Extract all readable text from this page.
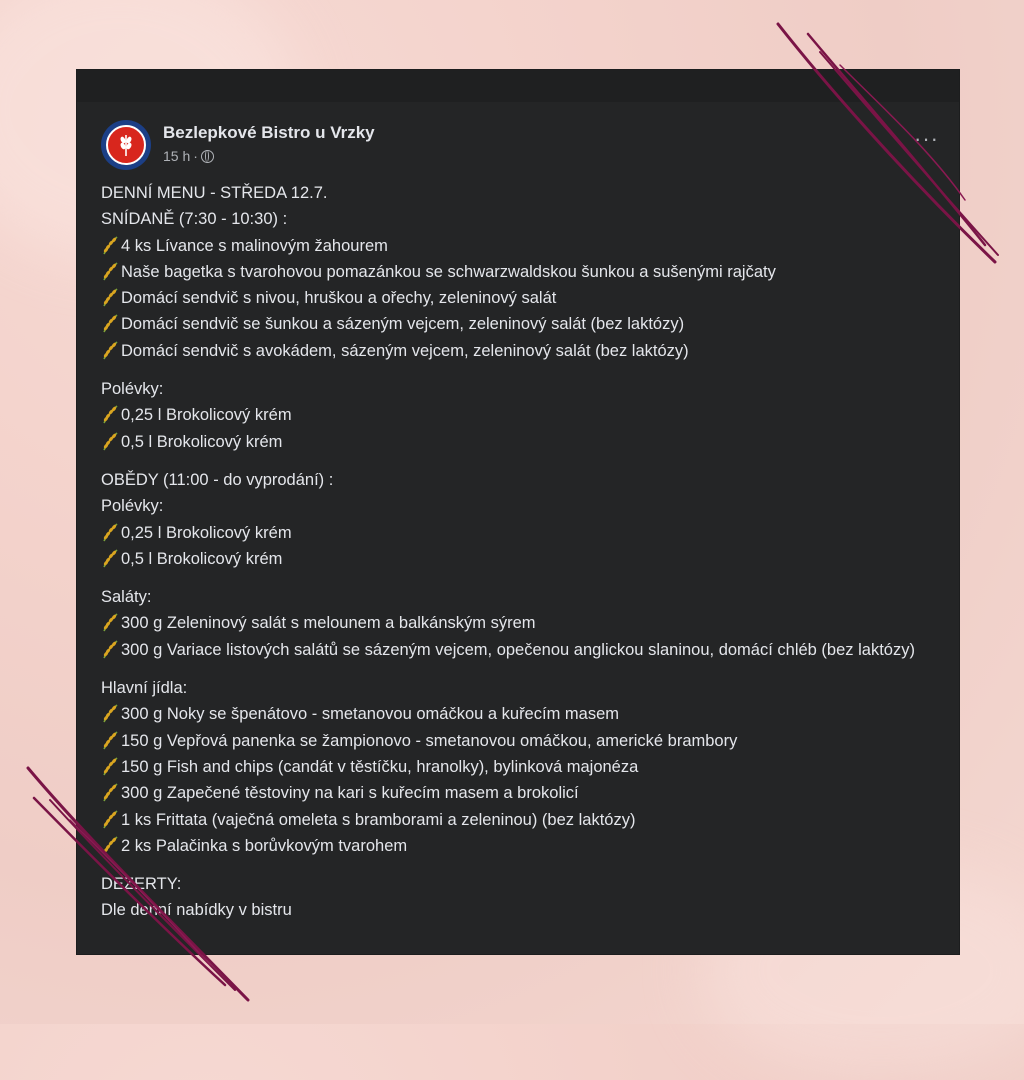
Bezlepkové Bistro u Vrzky
15 h ·
···
DENNÍ MENU - STŘEDA 12.7.
SNÍDANĚ (7:30 - 10:30) :
4 ks Lívance s malinovým žahourem
Naše bagetka s tvarohovou pomazánkou se schwarzwaldskou šunkou a sušenými rajčaty
Domácí sendvič s nivou, hruškou a ořechy, zeleninový salát
Domácí sendvič se šunkou a sázeným vejcem, zeleninový salát (bez laktózy)
Domácí sendvič s avokádem, sázeným vejcem, zeleninový salát (bez laktózy)
Polévky:
0,25 l Brokolicový krém
0,5 l Brokolicový krém
OBĚDY (11:00 - do vyprodání) :
Polévky:
0,25 l Brokolicový krém
0,5 l Brokolicový krém
Saláty:
300 g Zeleninový salát s melounem a balkánským sýrem
300 g Variace listových salátů se sázeným vejcem, opečenou anglickou slaninou, domácí chléb (bez laktózy)
Hlavní jídla:
300 g Noky se špenátovo - smetanovou omáčkou a kuřecím masem
150 g Vepřová panenka se žampionovo - smetanovou omáčkou, americké brambory
150 g Fish and chips (candát v těstíčku, hranolky), bylinková majonéza
300 g Zapečené těstoviny na kari s kuřecím masem a brokolicí
1 ks Frittata (vaječná omeleta s bramborami a zeleninou) (bez laktózy)
2 ks Palačinka s borůvkovým tvarohem
DEZERTY:
Dle denní nabídky v bistru
